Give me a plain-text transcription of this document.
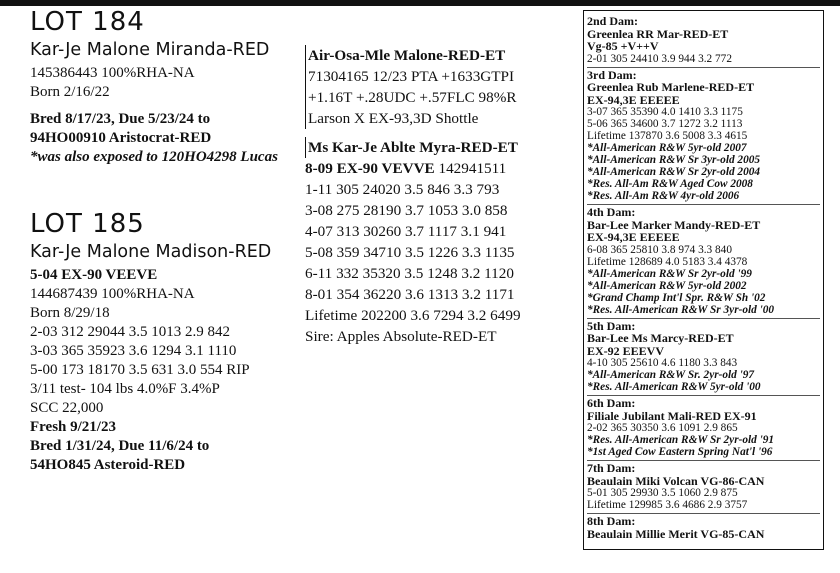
LOT 184
Kar-Je Malone Miranda-RED
145386443 100%RHA-NA
Born 2/16/22
Bred 8/17/23, Due 5/23/24 to
94HO00910 Aristocrat-RED
*was also exposed to 120HO4298 Lucas
LOT 185
Kar-Je Malone Madison-RED
5-04 EX-90 VEEVE
144687439 100%RHA-NA
Born 8/29/18
2-03 312 29044 3.5 1013 2.9 842
3-03 365 35923 3.6 1294 3.1 1110
5-00 173 18170 3.5 631 3.0 554 RIP
3/11 test- 104 lbs 4.0%F 3.4%P
SCC 22,000
Fresh 9/21/23
Bred 1/31/24, Due 11/6/24 to
54HO845 Asteroid-RED
Air-Osa-Mle Malone-RED-ET
71304165 12/23 PTA +1633GTPI
+1.16T +.28UDC +.57FLC 98%R
Larson X EX-93,3D Shottle
Ms Kar-Je Ablte Myra-RED-ET
8-09 EX-90 VEVVE 142941511
1-11 305 24020 3.5 846 3.3 793
3-08 275 28190 3.7 1053 3.0 858
4-07 313 30260 3.7 1117 3.1 941
5-08 359 34710 3.5 1226 3.3 1135
6-11 332 35320 3.5 1248 3.2 1120
8-01 354 36220 3.6 1313 3.2 1171
Lifetime 202200 3.6 7294 3.2 6499
Sire: Apples Absolute-RED-ET
2nd Dam:
Greenlea RR Mar-RED-ET
Vg-85 +V++V
2-01 305 24410 3.9 944 3.2 772
3rd Dam:
Greenlea Rub Marlene-RED-ET
EX-94,3E EEEEE
3-07 365 35390 4.0 1410 3.3 1175
5-06 365 34600 3.7 1272 3.2 1113
Lifetime 137870 3.6 5008 3.3 4615
*All-American R&W 5yr-old 2007
*All-American R&W Sr 3yr-old 2005
*All-American R&W Sr 2yr-old 2004
*Res. All-Am R&W Aged Cow 2008
*Res. All-Am R&W 4yr-old 2006
4th Dam:
Bar-Lee Marker Mandy-RED-ET
EX-94,3E EEEEE
6-08 365 25810 3.8 974 3.3 840
Lifetime 128689 4.0 5183 3.4 4378
*All-American R&W Sr 2yr-old '99
*All-American R&W 5yr-old 2002
*Grand Champ Int'l Spr. R&W Sh '02
*Res. All-American R&W Sr 3yr-old '00
5th Dam:
Bar-Lee Ms Marcy-RED-ET
EX-92 EEEVV
4-10 305 25610 4.6 1180 3.3 843
*All-American R&W Sr. 2yr-old '97
*Res. All-American R&W 5yr-old '00
6th Dam:
Filiale Jubilant Mali-RED EX-91
2-02 365 30350 3.6 1091 2.9 865
*Res. All-American R&W Sr 2yr-old '91
*1st Aged Cow Eastern Spring Nat'l '96
7th Dam:
Beaulain Miki Volcan VG-86-CAN
5-01 305 29930 3.5 1060 2.9 875
Lifetime 129985 3.6 4686 2.9 3757
8th Dam:
Beaulain Millie Merit VG-85-CAN
